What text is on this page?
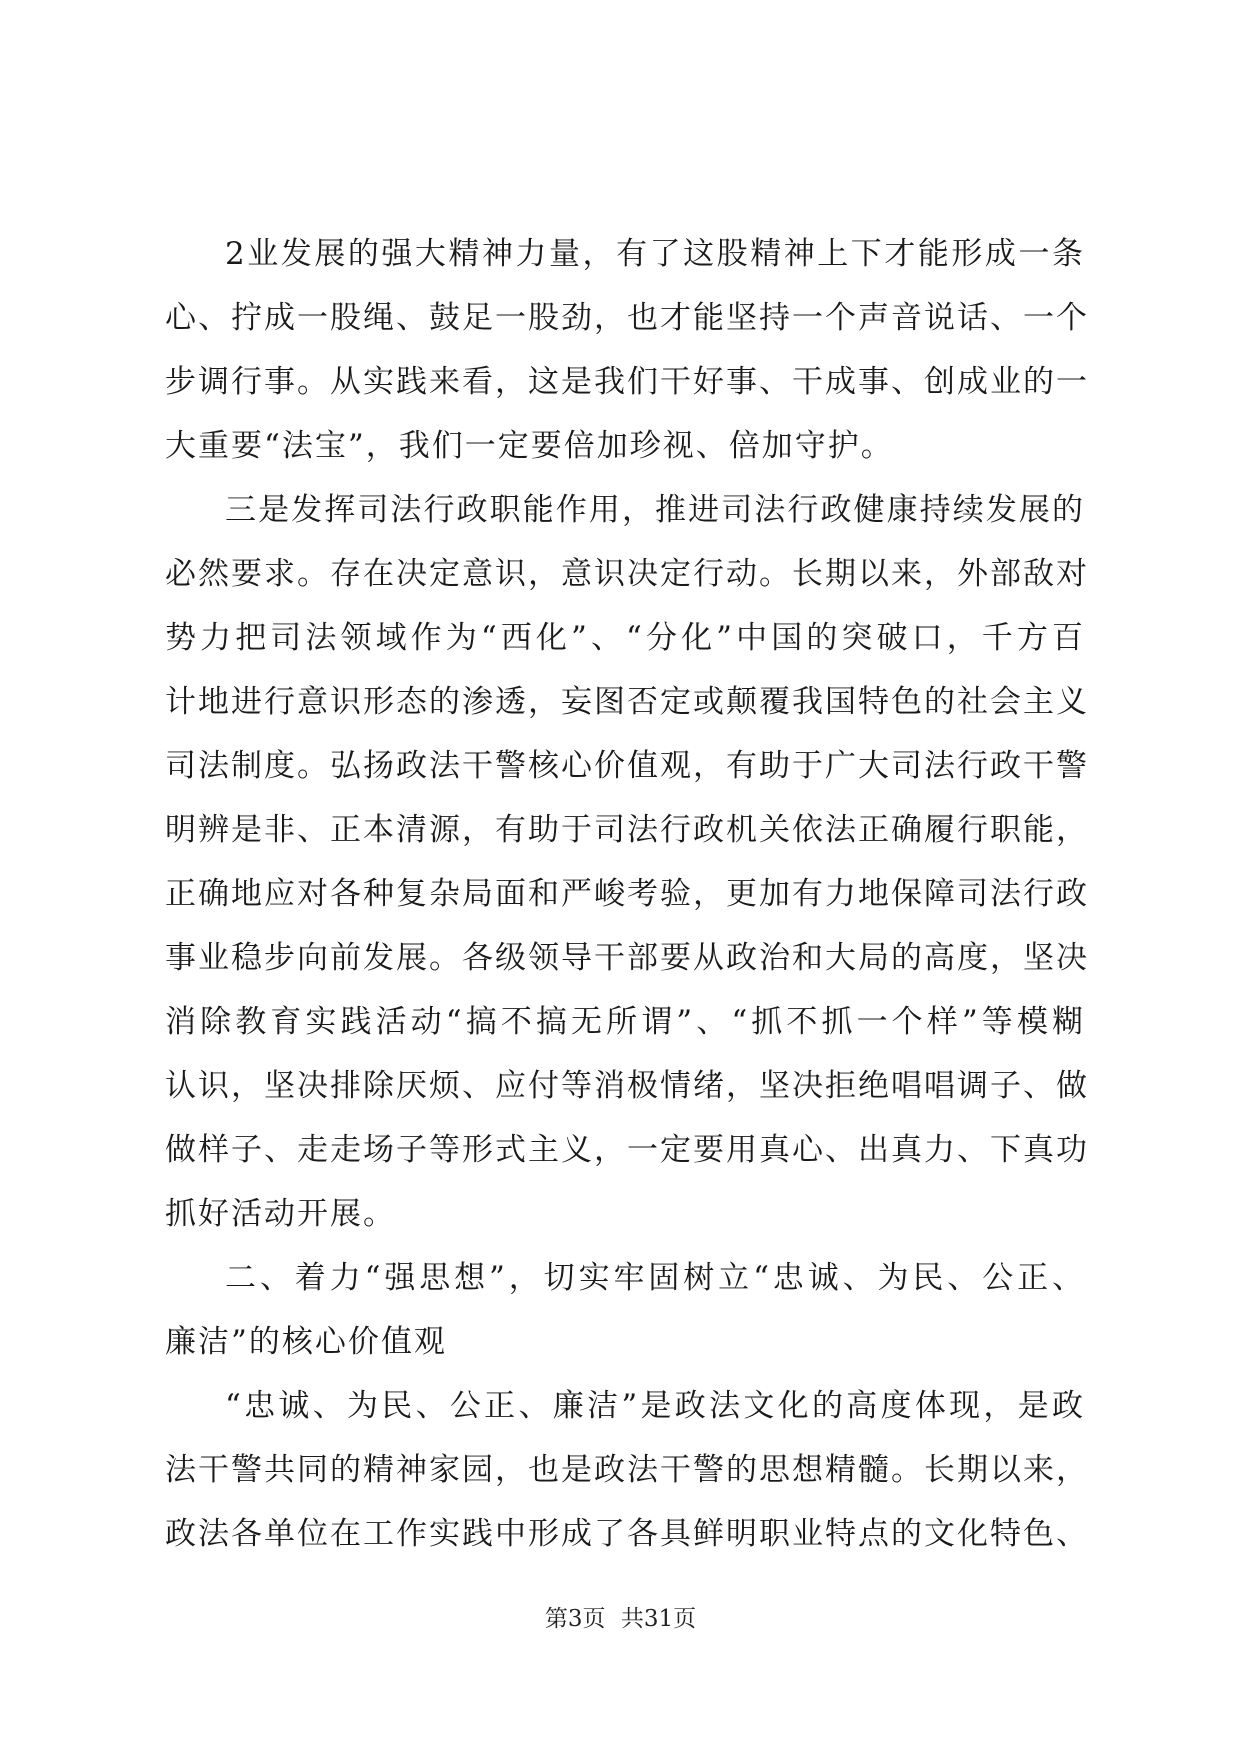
2业发展的强大精神力量，有了这股精神上下才能形成一条
心、拧成一股绳、鼓足一股劲，也才能坚持一个声音说话、一个
步调行事。从实践来看，这是我们干好事、干成事、创成业的一
大重要“法宝”，我们一定要倍加珍视、倍加守护。
三是发挥司法行政职能作用，推进司法行政健康持续发展的
必然要求。存在决定意识，意识决定行动。长期以来，外部敌对
势力把司法领域作为“西化”、“分化”中国的突破口，千方百
计地进行意识形态的渗透，妄图否定或颠覆我国特色的社会主义
司法制度。弘扬政法干警核心价值观，有助于广大司法行政干警
明辨是非、正本清源，有助于司法行政机关依法正确履行职能，
正确地应对各种复杂局面和严峻考验，更加有力地保障司法行政
事业稳步向前发展。各级领导干部要从政治和大局的高度，坚决
消除教育实践活动“搞不搞无所谓”、“抓不抓一个样”等模糊
认识，坚决排除厌烦、应付等消极情绪，坚决拒绝唱唱调子、做
做样子、走走场子等形式主义，一定要用真心、出真力、下真功
抓好活动开展。
二、着力“强思想”，切实牢固树立“忠诚、为民、公正、
廉洁”的核心价值观
“忠诚、为民、公正、廉洁”是政法文化的高度体现，是政
法干警共同的精神家园，也是政法干警的思想精髓。长期以来，
政法各单位在工作实践中形成了各具鲜明职业特点的文化特色、
第3页 共31页
